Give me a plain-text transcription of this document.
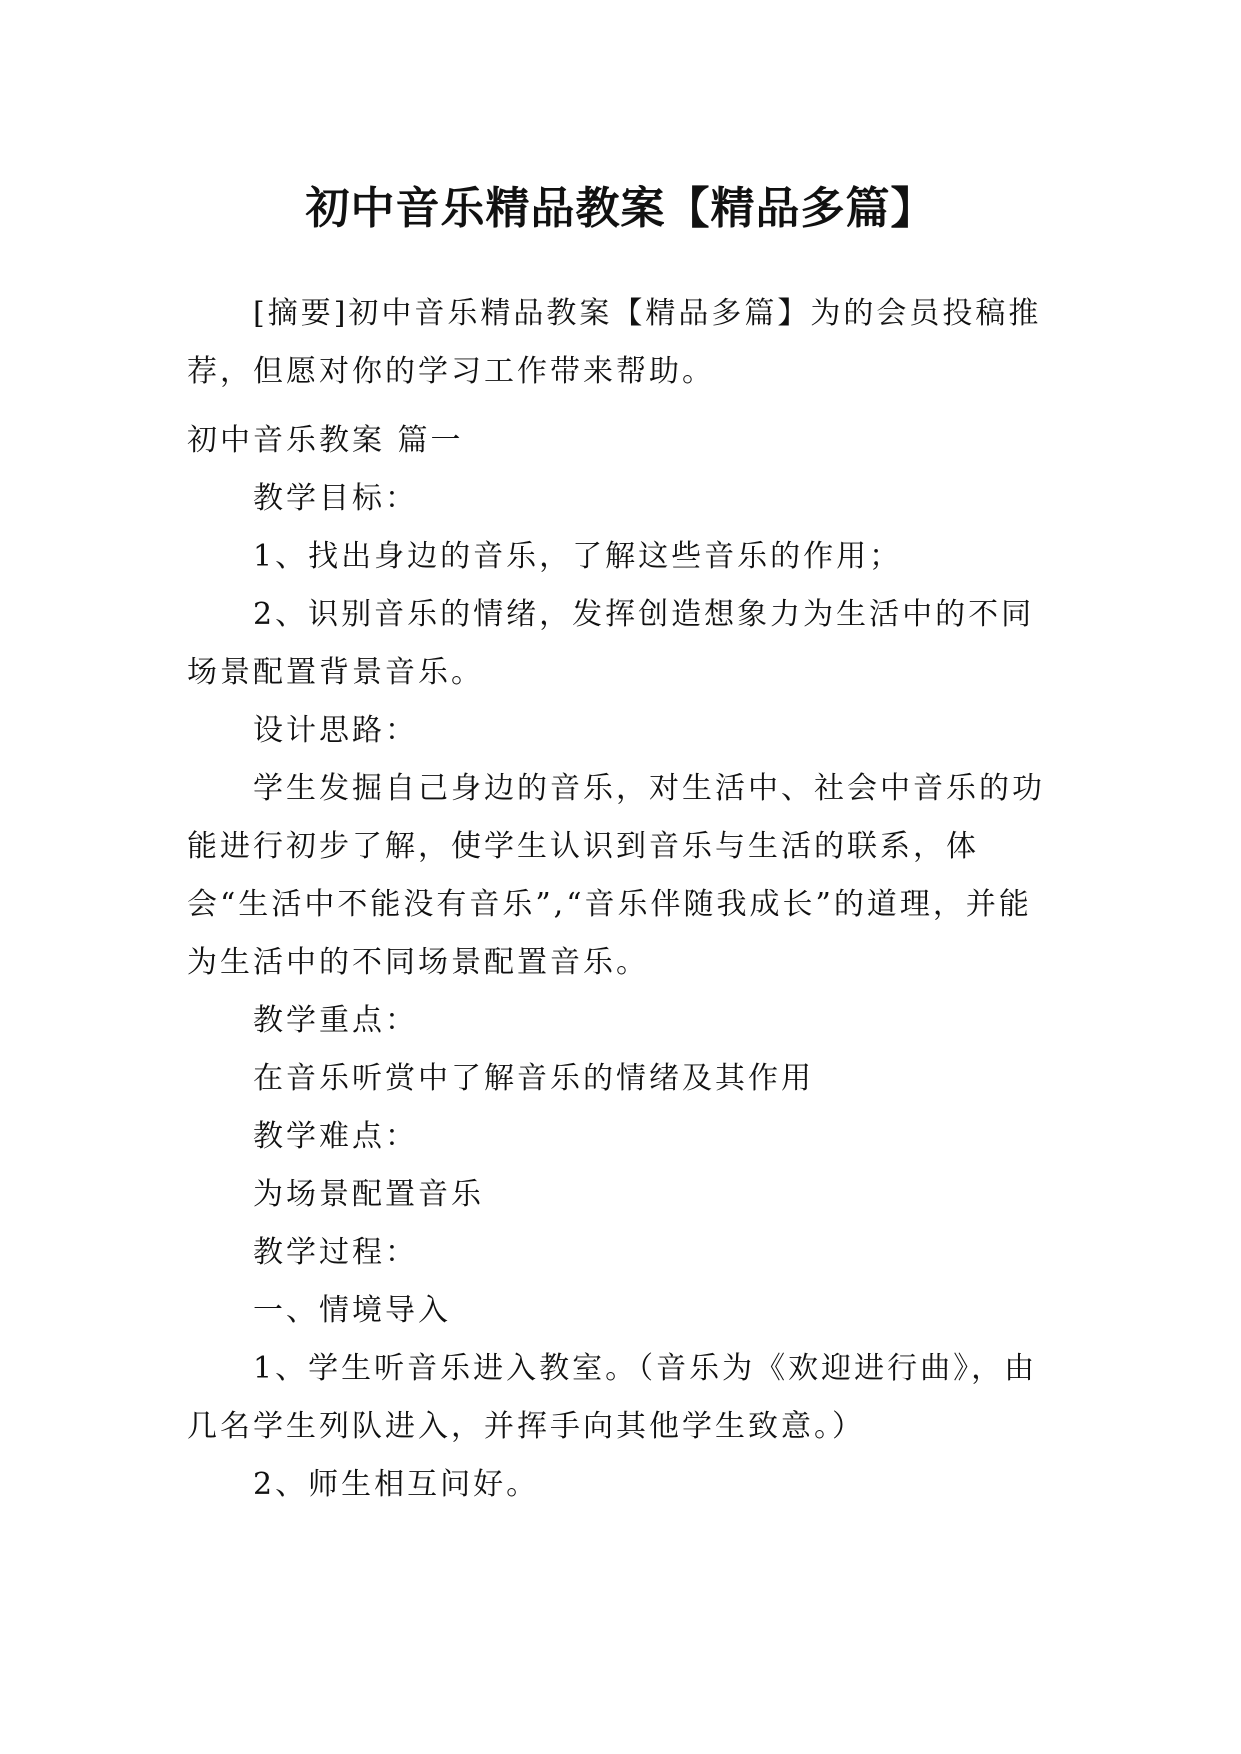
初中音乐精品教案【精品多篇】

[摘要]初中音乐精品教案【精品多篇】为的会员投稿推荐，但愿对你的学习工作带来帮助。

初中音乐教案 篇一

教学目标：

1、找出身边的音乐，了解这些音乐的作用；

2、识别音乐的情绪，发挥创造想象力为生活中的不同场景配置背景音乐。

设计思路：

学生发掘自己身边的音乐，对生活中、社会中音乐的功能进行初步了解，使学生认识到音乐与生活的联系，体会“生活中不能没有音乐”,“音乐伴随我成长”的道理，并能为生活中的不同场景配置音乐。

教学重点：

在音乐听赏中了解音乐的情绪及其作用

教学难点：

为场景配置音乐

教学过程：

一、情境导入

1、学生听音乐进入教室。（音乐为《欢迎进行曲》，由几名学生列队进入，并挥手向其他学生致意。）

2、师生相互问好。
